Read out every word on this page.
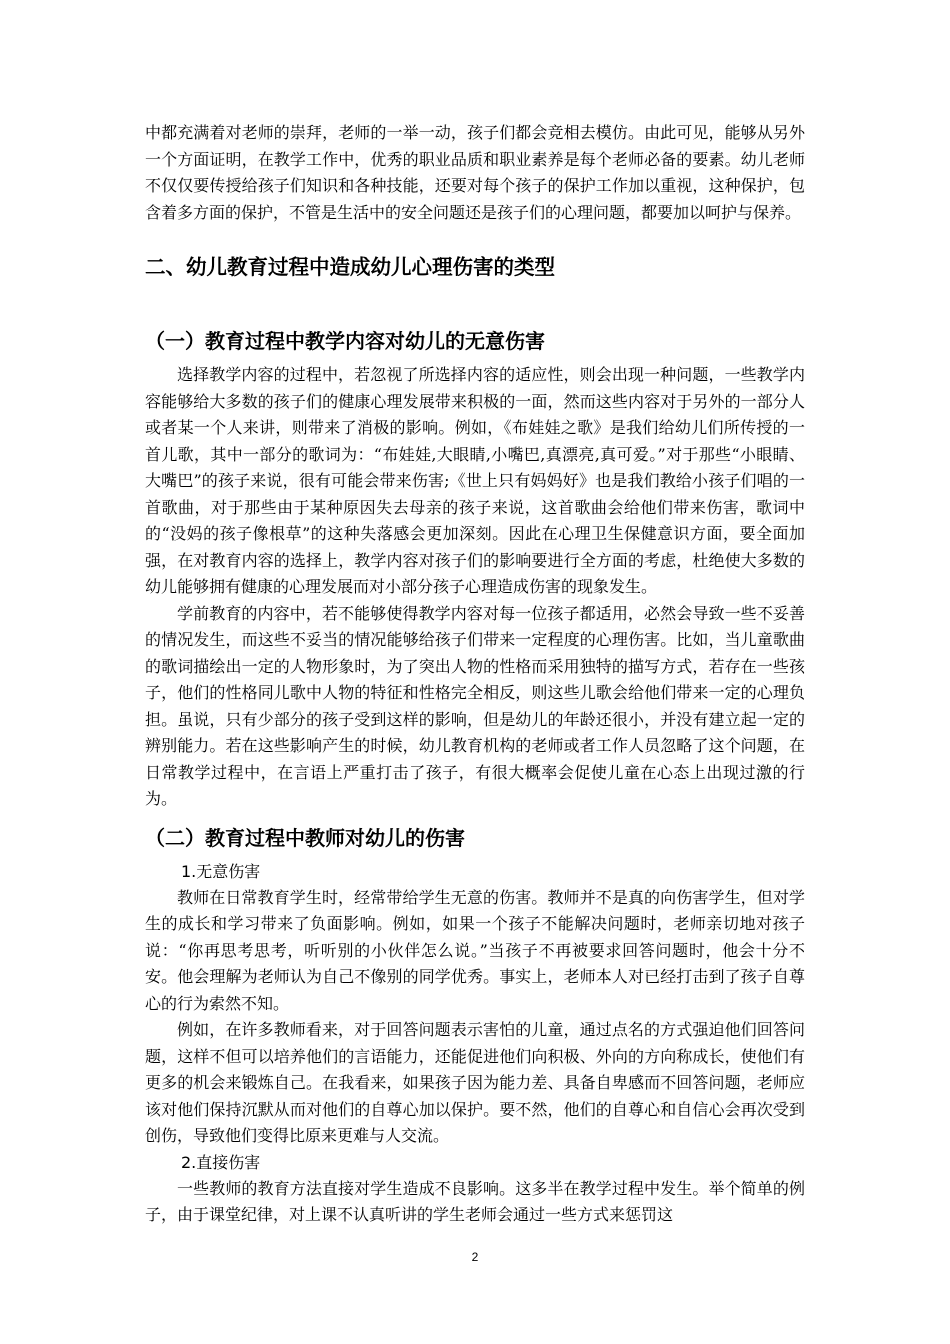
中都充满着对老师的崇拜，老师的一举一动，孩子们都会竞相去模仿。由此可见，能够从另外一个方面证明，在教学工作中，优秀的职业品质和职业素养是每个老师必备的要素。幼儿老师不仅仅要传授给孩子们知识和各种技能，还要对每个孩子的保护工作加以重视，这种保护，包含着多方面的保护，不管是生活中的安全问题还是孩子们的心理问题，都要加以呵护与保养。

二、幼儿教育过程中造成幼儿心理伤害的类型
（一）教育过程中教学内容对幼儿的无意伤害

选择教学内容的过程中，若忽视了所选择内容的适应性，则会出现一种问题，一些教学内容能够给大多数的孩子们的健康心理发展带来积极的一面，然而这些内容对于另外的一部分人或者某一个人来讲，则带来了消极的影响。例如，《布娃娃之歌》是我们给幼儿们所传授的一首儿歌，其中一部分的歌词为：“布娃娃,大眼睛,小嘴巴,真漂亮,真可爱。”对于那些“小眼睛、大嘴巴”的孩子来说，很有可能会带来伤害;《世上只有妈妈好》也是我们教给小孩子们唱的一首歌曲，对于那些由于某种原因失去母亲的孩子来说，这首歌曲会给他们带来伤害，歌词中的“没妈的孩子像根草”的这种失落感会更加深刻。因此在心理卫生保健意识方面，要全面加强，在对教育内容的选择上，教学内容对孩子们的影响要进行全方面的考虑，杜绝使大多数的幼儿能够拥有健康的心理发展而对小部分孩子心理造成伤害的现象发生。

学前教育的内容中，若不能够使得教学内容对每一位孩子都适用，必然会导致一些不妥善的情况发生，而这些不妥当的情况能够给孩子们带来一定程度的心理伤害。比如，当儿童歌曲的歌词描绘出一定的人物形象时，为了突出人物的性格而采用独特的描写方式，若存在一些孩子，他们的性格同儿歌中人物的特征和性格完全相反，则这些儿歌会给他们带来一定的心理负担。虽说，只有少部分的孩子受到这样的影响，但是幼儿的年龄还很小，并没有建立起一定的辨别能力。若在这些影响产生的时候，幼儿教育机构的老师或者工作人员忽略了这个问题，在日常教学过程中，在言语上严重打击了孩子，有很大概率会促使儿童在心态上出现过激的行为。

（二）教育过程中教师对幼儿的伤害
1.无意伤害

教师在日常教育学生时，经常带给学生无意的伤害。教师并不是真的向伤害学生，但对学生的成长和学习带来了负面影响。例如，如果一个孩子不能解决问题时，老师亲切地对孩子说：“你再思考思考，听听别的小伙伴怎么说。”当孩子不再被要求回答问题时，他会十分不安。他会理解为老师认为自己不像别的同学优秀。事实上，老师本人对已经打击到了孩子自尊心的行为索然不知。

例如，在许多教师看来，对于回答问题表示害怕的儿童，通过点名的方式强迫他们回答问题，这样不但可以培养他们的言语能力，还能促进他们向积极、外向的方向称成长，使他们有更多的机会来锻炼自己。在我看来，如果孩子因为能力差、具备自卑感而不回答问题，老师应该对他们保持沉默从而对他们的自尊心加以保护。要不然，他们的自尊心和自信心会再次受到创伤，导致他们变得比原来更难与人交流。

2.直接伤害

一些教师的教育方法直接对学生造成不良影响。这多半在教学过程中发生。举个简单的例子，由于课堂纪律，对上课不认真听讲的学生老师会通过一些方式来惩罚这

2
